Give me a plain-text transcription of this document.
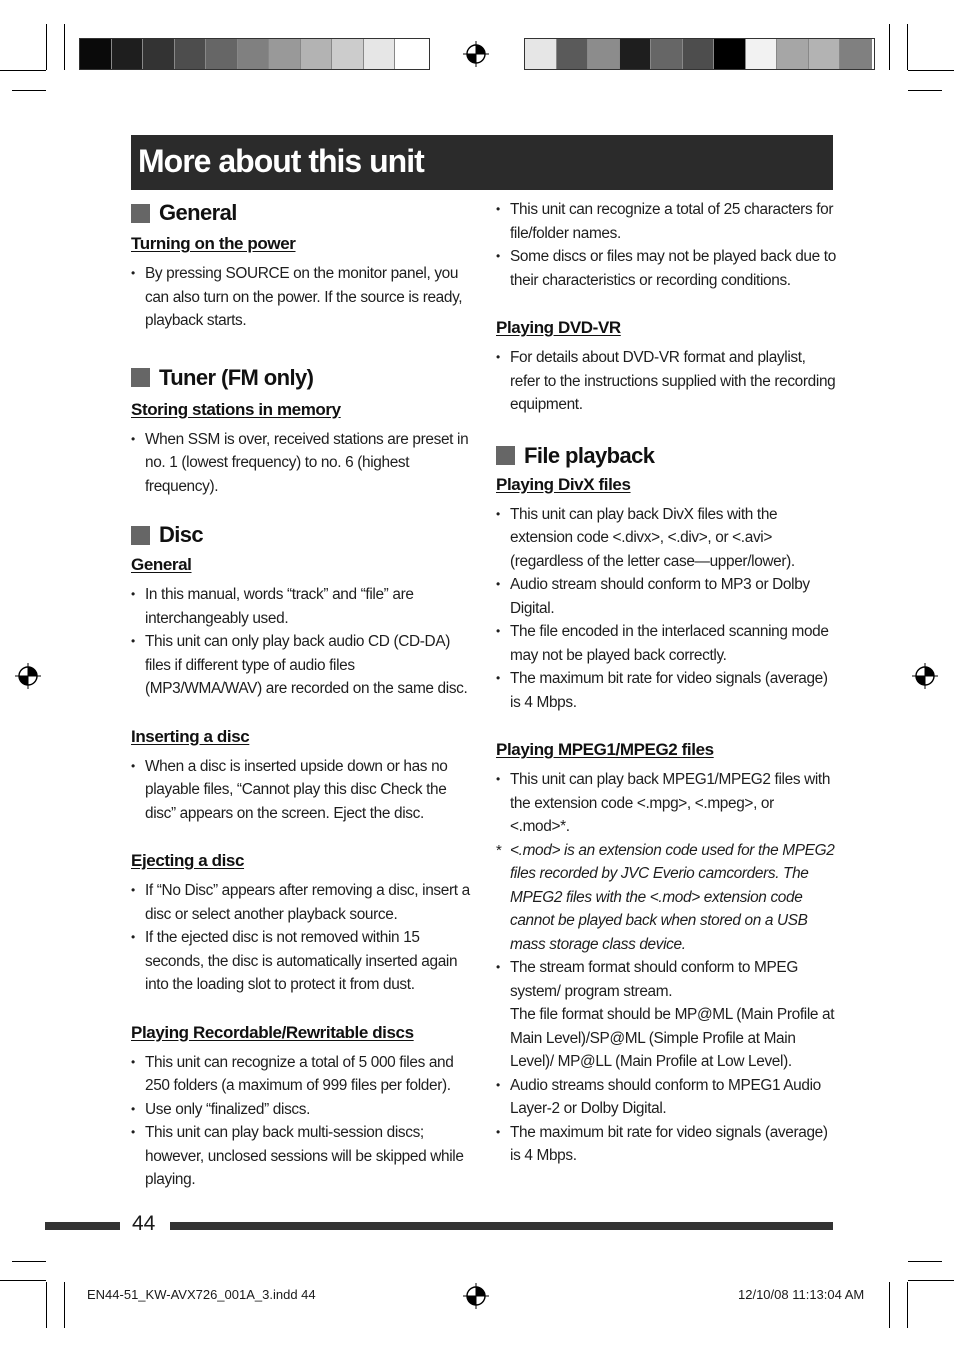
More about this unit
General
Turning on the power
• By pressing SOURCE on the monitor panel, you can also turn on the power. If the source is ready, playback starts.
Tuner (FM only)
Storing stations in memory
• When SSM is over, received stations are preset in no. 1 (lowest frequency) to no. 6 (highest frequency).
Disc
General
• In this manual, words “track” and “file” are interchangeably used.
• This unit can only play back audio CD (CD-DA) files if different type of audio files (MP3/WMA/WAV) are recorded on the same disc.
Inserting a disc
• When a disc is inserted upside down or has no playable files, “Cannot play this disc Check the disc” appears on the screen. Eject the disc.
Ejecting a disc
• If “No Disc” appears after removing a disc, insert a disc or select another playback source.
• If the ejected disc is not removed within 15 seconds, the disc is automatically inserted again into the loading slot to protect it from dust.
Playing Recordable/Rewritable discs
• This unit can recognize a total of 5 000 files and 250 folders (a maximum of 999 files per folder).
• Use only “finalized” discs.
• This unit can play back multi-session discs; however, unclosed sessions will be skipped while playing.
• This unit can recognize a total of 25 characters for file/folder names.
• Some discs or files may not be played back due to their characteristics or recording conditions.
Playing DVD-VR
• For details about DVD-VR format and playlist, refer to the instructions supplied with the recording equipment.
File playback
Playing DivX files
• This unit can play back DivX files with the extension code <.divx>, <.div>, or <.avi> (regardless of the letter case—upper/lower).
• Audio stream should conform to MP3 or Dolby Digital.
• The file encoded in the interlaced scanning mode may not be played back correctly.
• The maximum bit rate for video signals (average) is 4 Mbps.
Playing MPEG1/MPEG2 files
• This unit can play back MPEG1/MPEG2 files with the extension code <.mpg>, <.mpeg>, or <.mod>*.
* <.mod> is an extension code used for the MPEG2 files recorded by JVC Everio camcorders. The MPEG2 files with the <.mod> extension code cannot be played back when stored on a USB mass storage class device.
• The stream format should conform to MPEG system/ program stream.
The file format should be MP@ML (Main Profile at Main Level)/SP@ML (Simple Profile at Main Level)/ MP@LL (Main Profile at Low Level).
• Audio streams should conform to MPEG1 Audio Layer-2 or Dolby Digital.
• The maximum bit rate for video signals (average) is 4 Mbps.
44
EN44-51_KW-AVX726_001A_3.indd 44	12/10/08 11:13:04 AM
